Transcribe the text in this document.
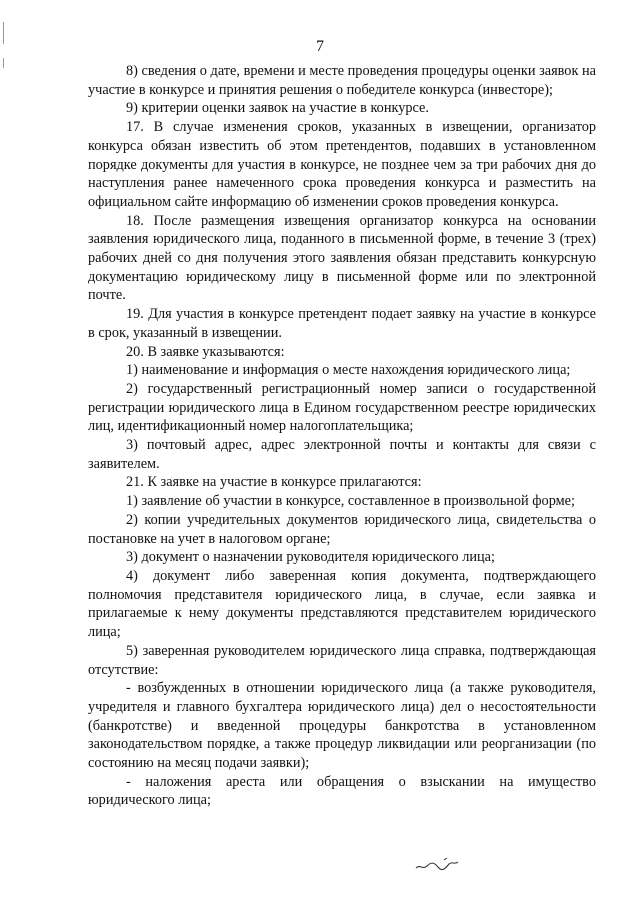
7

8) сведения о дате, времени и месте проведения процедуры оценки заявок на участие в конкурсе и принятия решения о победителе конкурса (инвесторе);

9) критерии оценки заявок на участие в конкурсе.

17. В случае изменения сроков, указанных в извещении, организатор конкурса обязан известить об этом претендентов, подавших в установленном порядке документы для участия в конкурсе, не позднее чем за три рабочих дня до наступления ранее намеченного срока проведения конкурса и разместить на официальном сайте информацию об изменении сроков проведения конкурса.

18. После размещения извещения организатор конкурса на основании заявления юридического лица, поданного в письменной форме, в течение 3 (трех) рабочих дней со дня получения этого заявления обязан представить конкурсную документацию юридическому лицу в письменной форме или по электронной почте.

19. Для участия в конкурсе претендент подает заявку на участие в конкурсе в срок, указанный в извещении.

20. В заявке указываются:

1) наименование и информация о месте нахождения юридического лица;

2) государственный регистрационный номер записи о государственной регистрации юридического лица в Едином государственном реестре юридических лиц, идентификационный номер налогоплательщика;

3) почтовый адрес, адрес электронной почты и контакты для связи с заявителем.

21. К заявке на участие в конкурсе прилагаются:

1) заявление об участии в конкурсе, составленное в произвольной форме;

2) копии учредительных документов юридического лица, свидетельства о постановке на учет в налоговом органе;

3) документ о назначении руководителя юридического лица;

4) документ либо заверенная копия документа, подтверждающего полномочия представителя юридического лица, в случае, если заявка и прилагаемые к нему документы представляются представителем юридического лица;

5) заверенная руководителем юридического лица справка, подтверждающая отсутствие:

- возбужденных в отношении юридического лица (а также руководителя, учредителя и главного бухгалтера юридического лица) дел о несостоятельности (банкротстве) и введенной процедуры банкротства в установленном законодательством порядке, а также процедур ликвидации или реорганизации (по состоянию на месяц подачи заявки);

- наложения ареста или обращения о взыскании на имущество юридического лица;
